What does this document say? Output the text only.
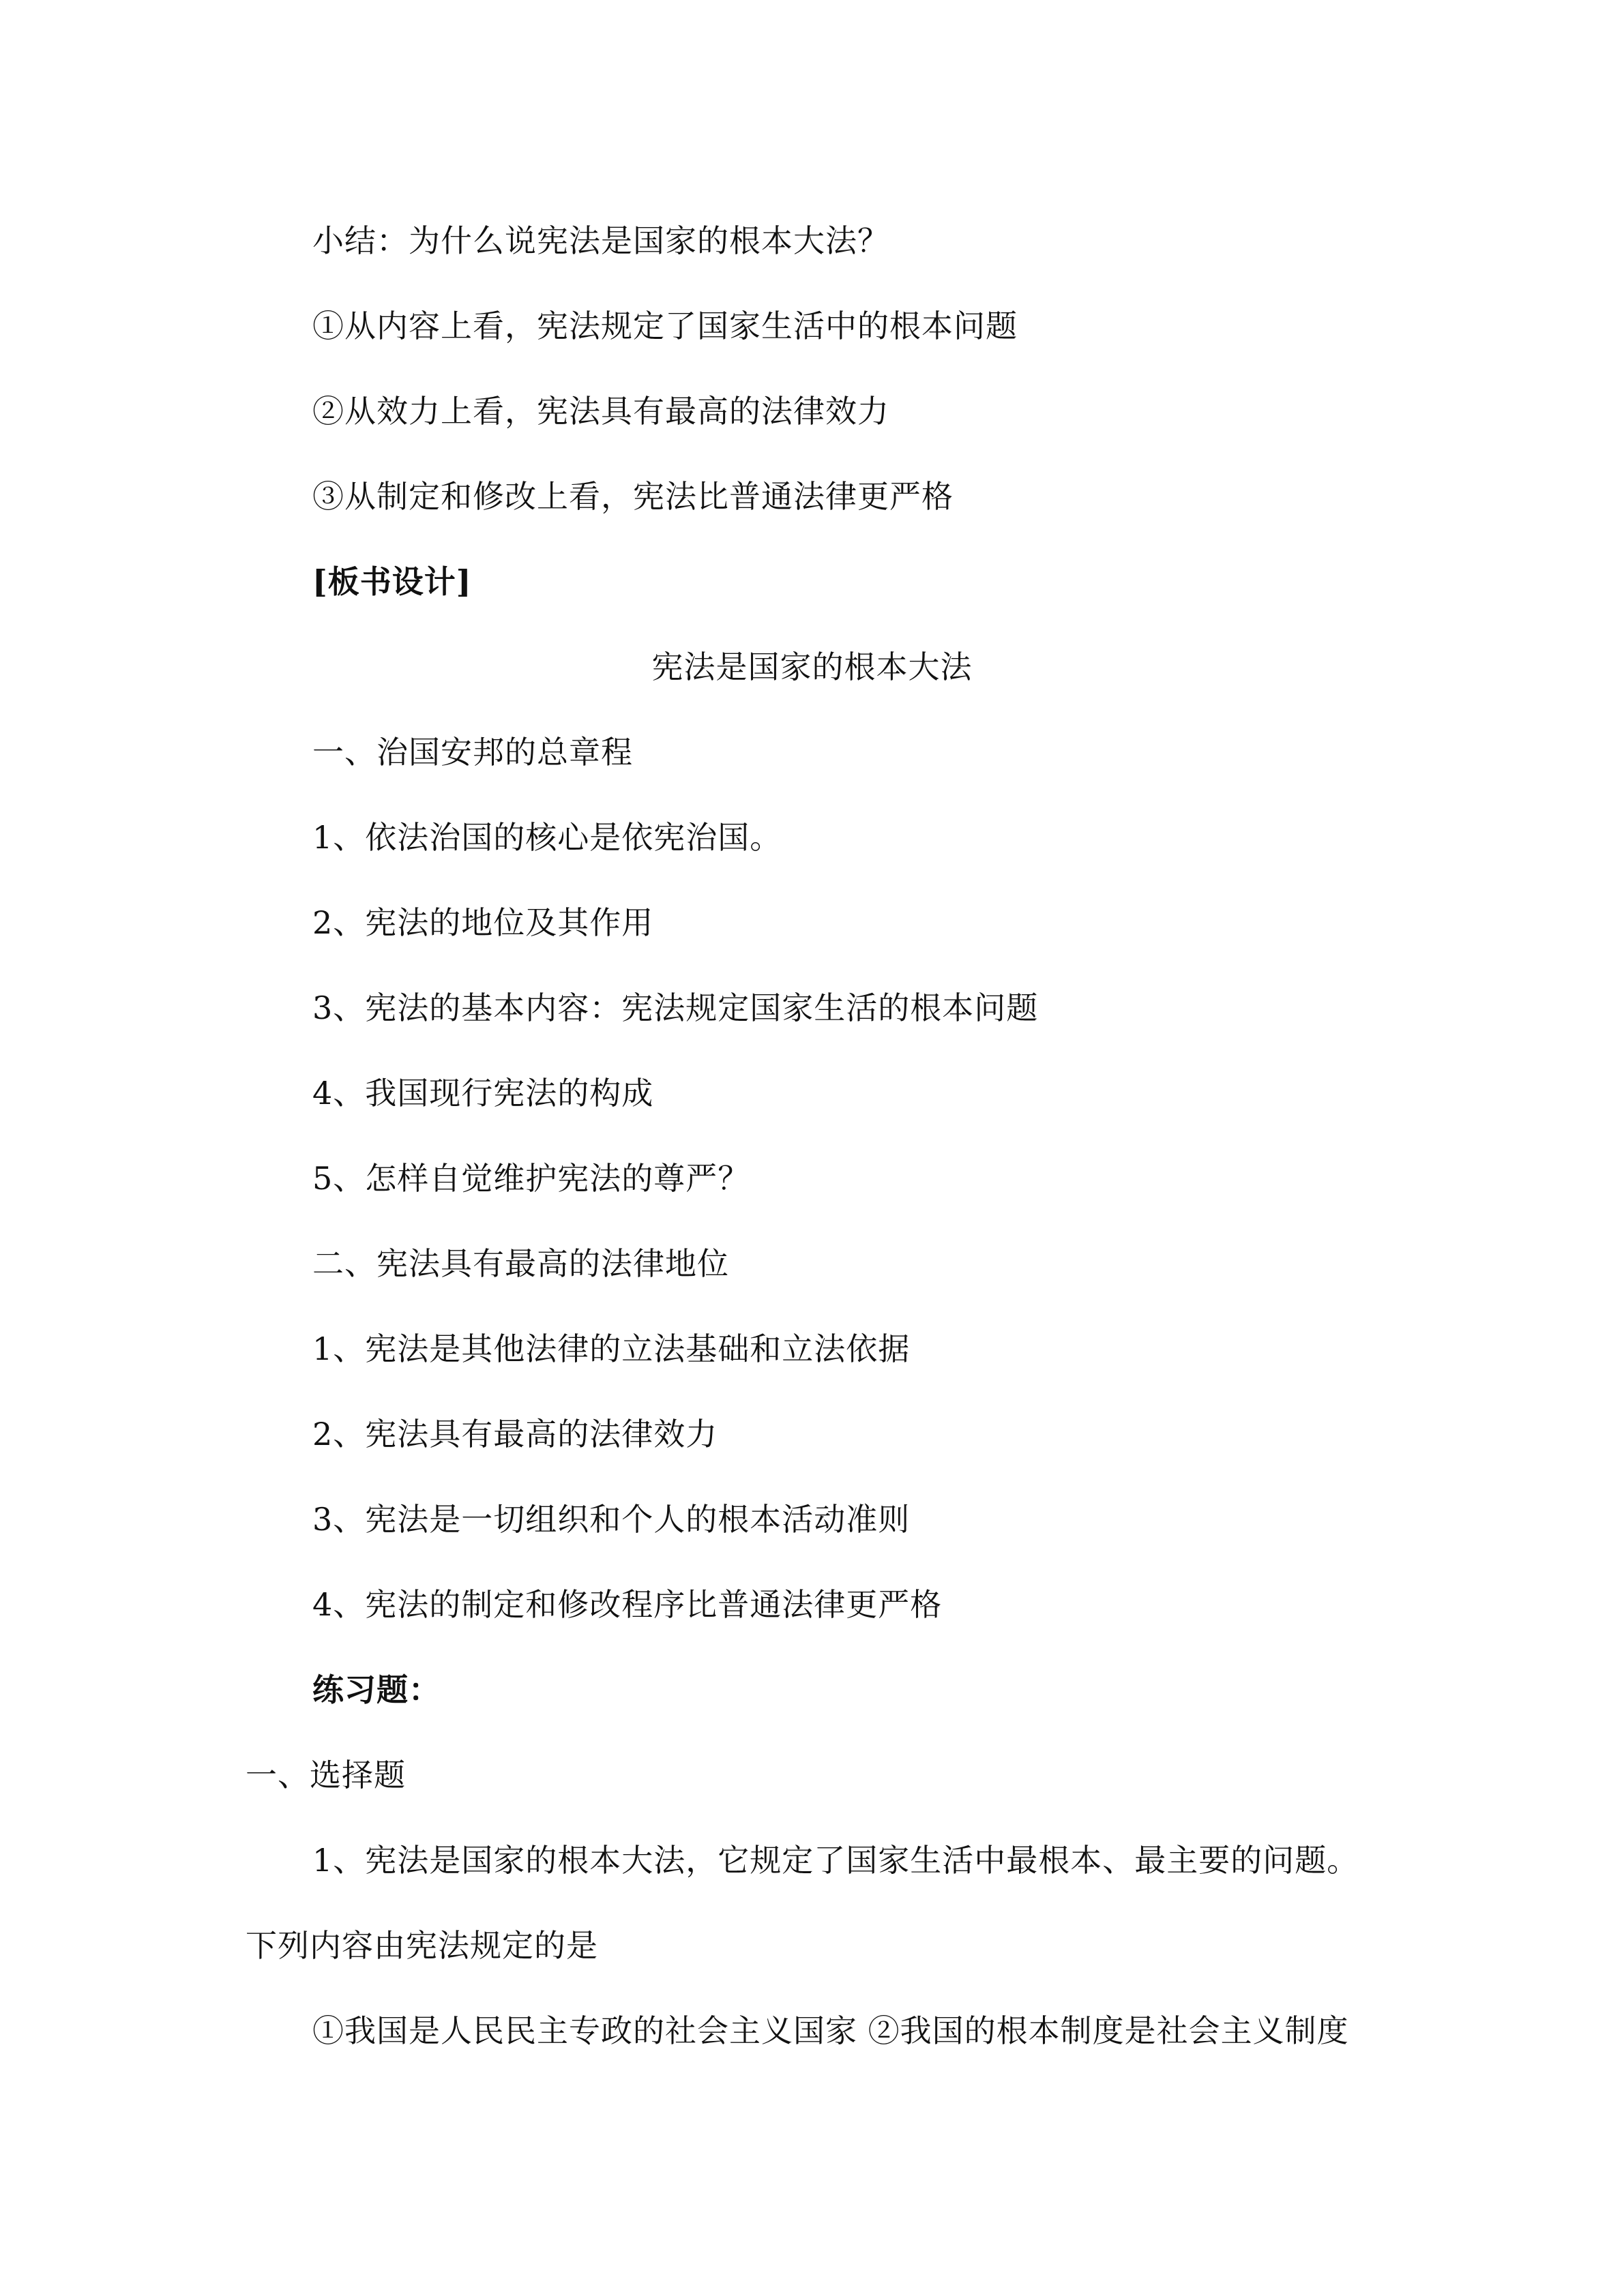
小结：为什么说宪法是国家的根本大法？
①从内容上看，宪法规定了国家生活中的根本问题
②从效力上看，宪法具有最高的法律效力
③从制定和修改上看，宪法比普通法律更严格
[板书设计]
宪法是国家的根本大法
一、治国安邦的总章程
1、依法治国的核心是依宪治国。
2、宪法的地位及其作用
3、宪法的基本内容：宪法规定国家生活的根本问题
4、我国现行宪法的构成
5、怎样自觉维护宪法的尊严？
二、宪法具有最高的法律地位
1、宪法是其他法律的立法基础和立法依据
2、宪法具有最高的法律效力
3、宪法是一切组织和个人的根本活动准则
4、宪法的制定和修改程序比普通法律更严格
练习题：
一、选择题
1、宪法是国家的根本大法，它规定了国家生活中最根本、最主要的问题。
下列内容由宪法规定的是
①我国是人民民主专政的社会主义国家 ②我国的根本制度是社会主义制度
